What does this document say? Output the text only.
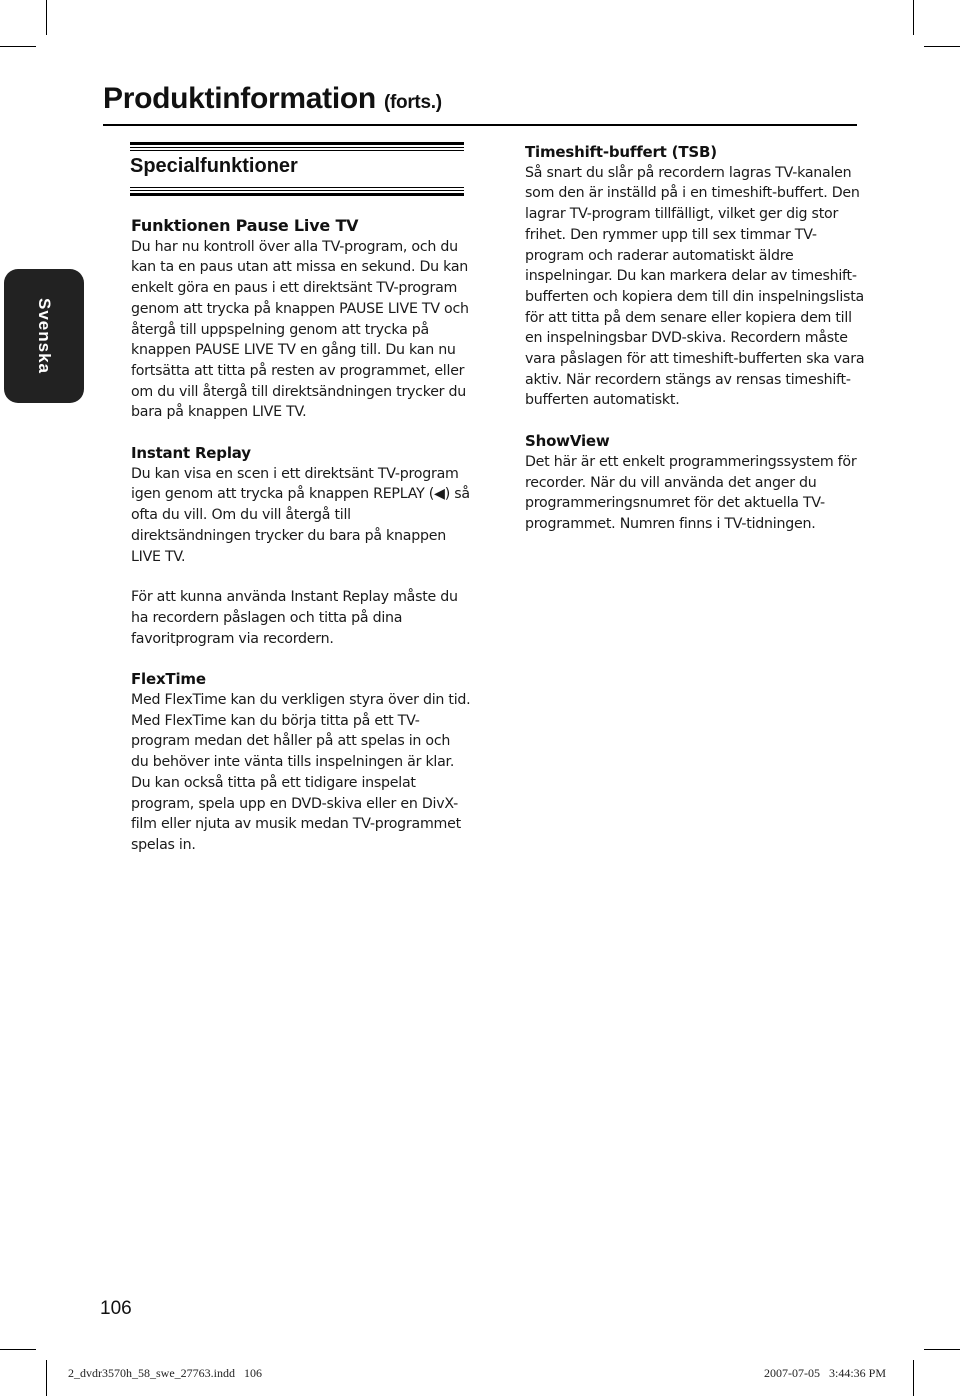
Produktinformation (forts.)
Svenska
Specialfunktioner
Funktionen Pause Live TV

Du har nu kontroll över alla TV-program, och du kan ta en paus utan att missa en sekund. Du kan enkelt göra en paus i ett direktsänt TV-program genom att trycka på knappen PAUSE LIVE TV och återgå till uppspelning genom att trycka på knappen PAUSE LIVE TV en gång till. Du kan nu fortsätta att titta på resten av programmet, eller om du vill återgå till direktsändningen trycker du bara på knappen LIVE TV.

Instant Replay

Du kan visa en scen i ett direktsänt TV-program igen genom att trycka på knappen REPLAY (◀) så ofta du vill. Om du vill återgå till direktsändningen trycker du bara på knappen LIVE TV.

För att kunna använda Instant Replay måste du ha recordern påslagen och titta på dina favoritprogram via recordern.

FlexTime

Med FlexTime kan du verkligen styra över din tid. Med FlexTime kan du börja titta på ett TV-program medan det håller på att spelas in och du behöver inte vänta tills inspelningen är klar. Du kan också titta på ett tidigare inspelat program, spela upp en DVD-skiva eller en DivX-film eller njuta av musik medan TV-programmet spelas in.

Timeshift-buffert (TSB)

Så snart du slår på recordern lagras TV-kanalen som den är inställd på i en timeshift-buffert. Den lagrar TV-program tillfälligt, vilket ger dig stor frihet. Den rymmer upp till sex timmar TV-program och raderar automatiskt äldre inspelningar. Du kan markera delar av timeshift-bufferten och kopiera dem till din inspelningslista för att titta på dem senare eller kopiera dem till en inspelningsbar DVD-skiva. Recordern måste vara påslagen för att timeshift-bufferten ska vara aktiv. När recordern stängs av rensas timeshift-bufferten automatiskt.

ShowView

Det här är ett enkelt programmeringssystem för recorder. När du vill använda det anger du programmeringsnumret för det aktuella TV-programmet. Numren finns i TV-tidningen.

106
2_dvdr3570h_58_swe_27763.indd   106	2007-07-05   3:44:36 PM
